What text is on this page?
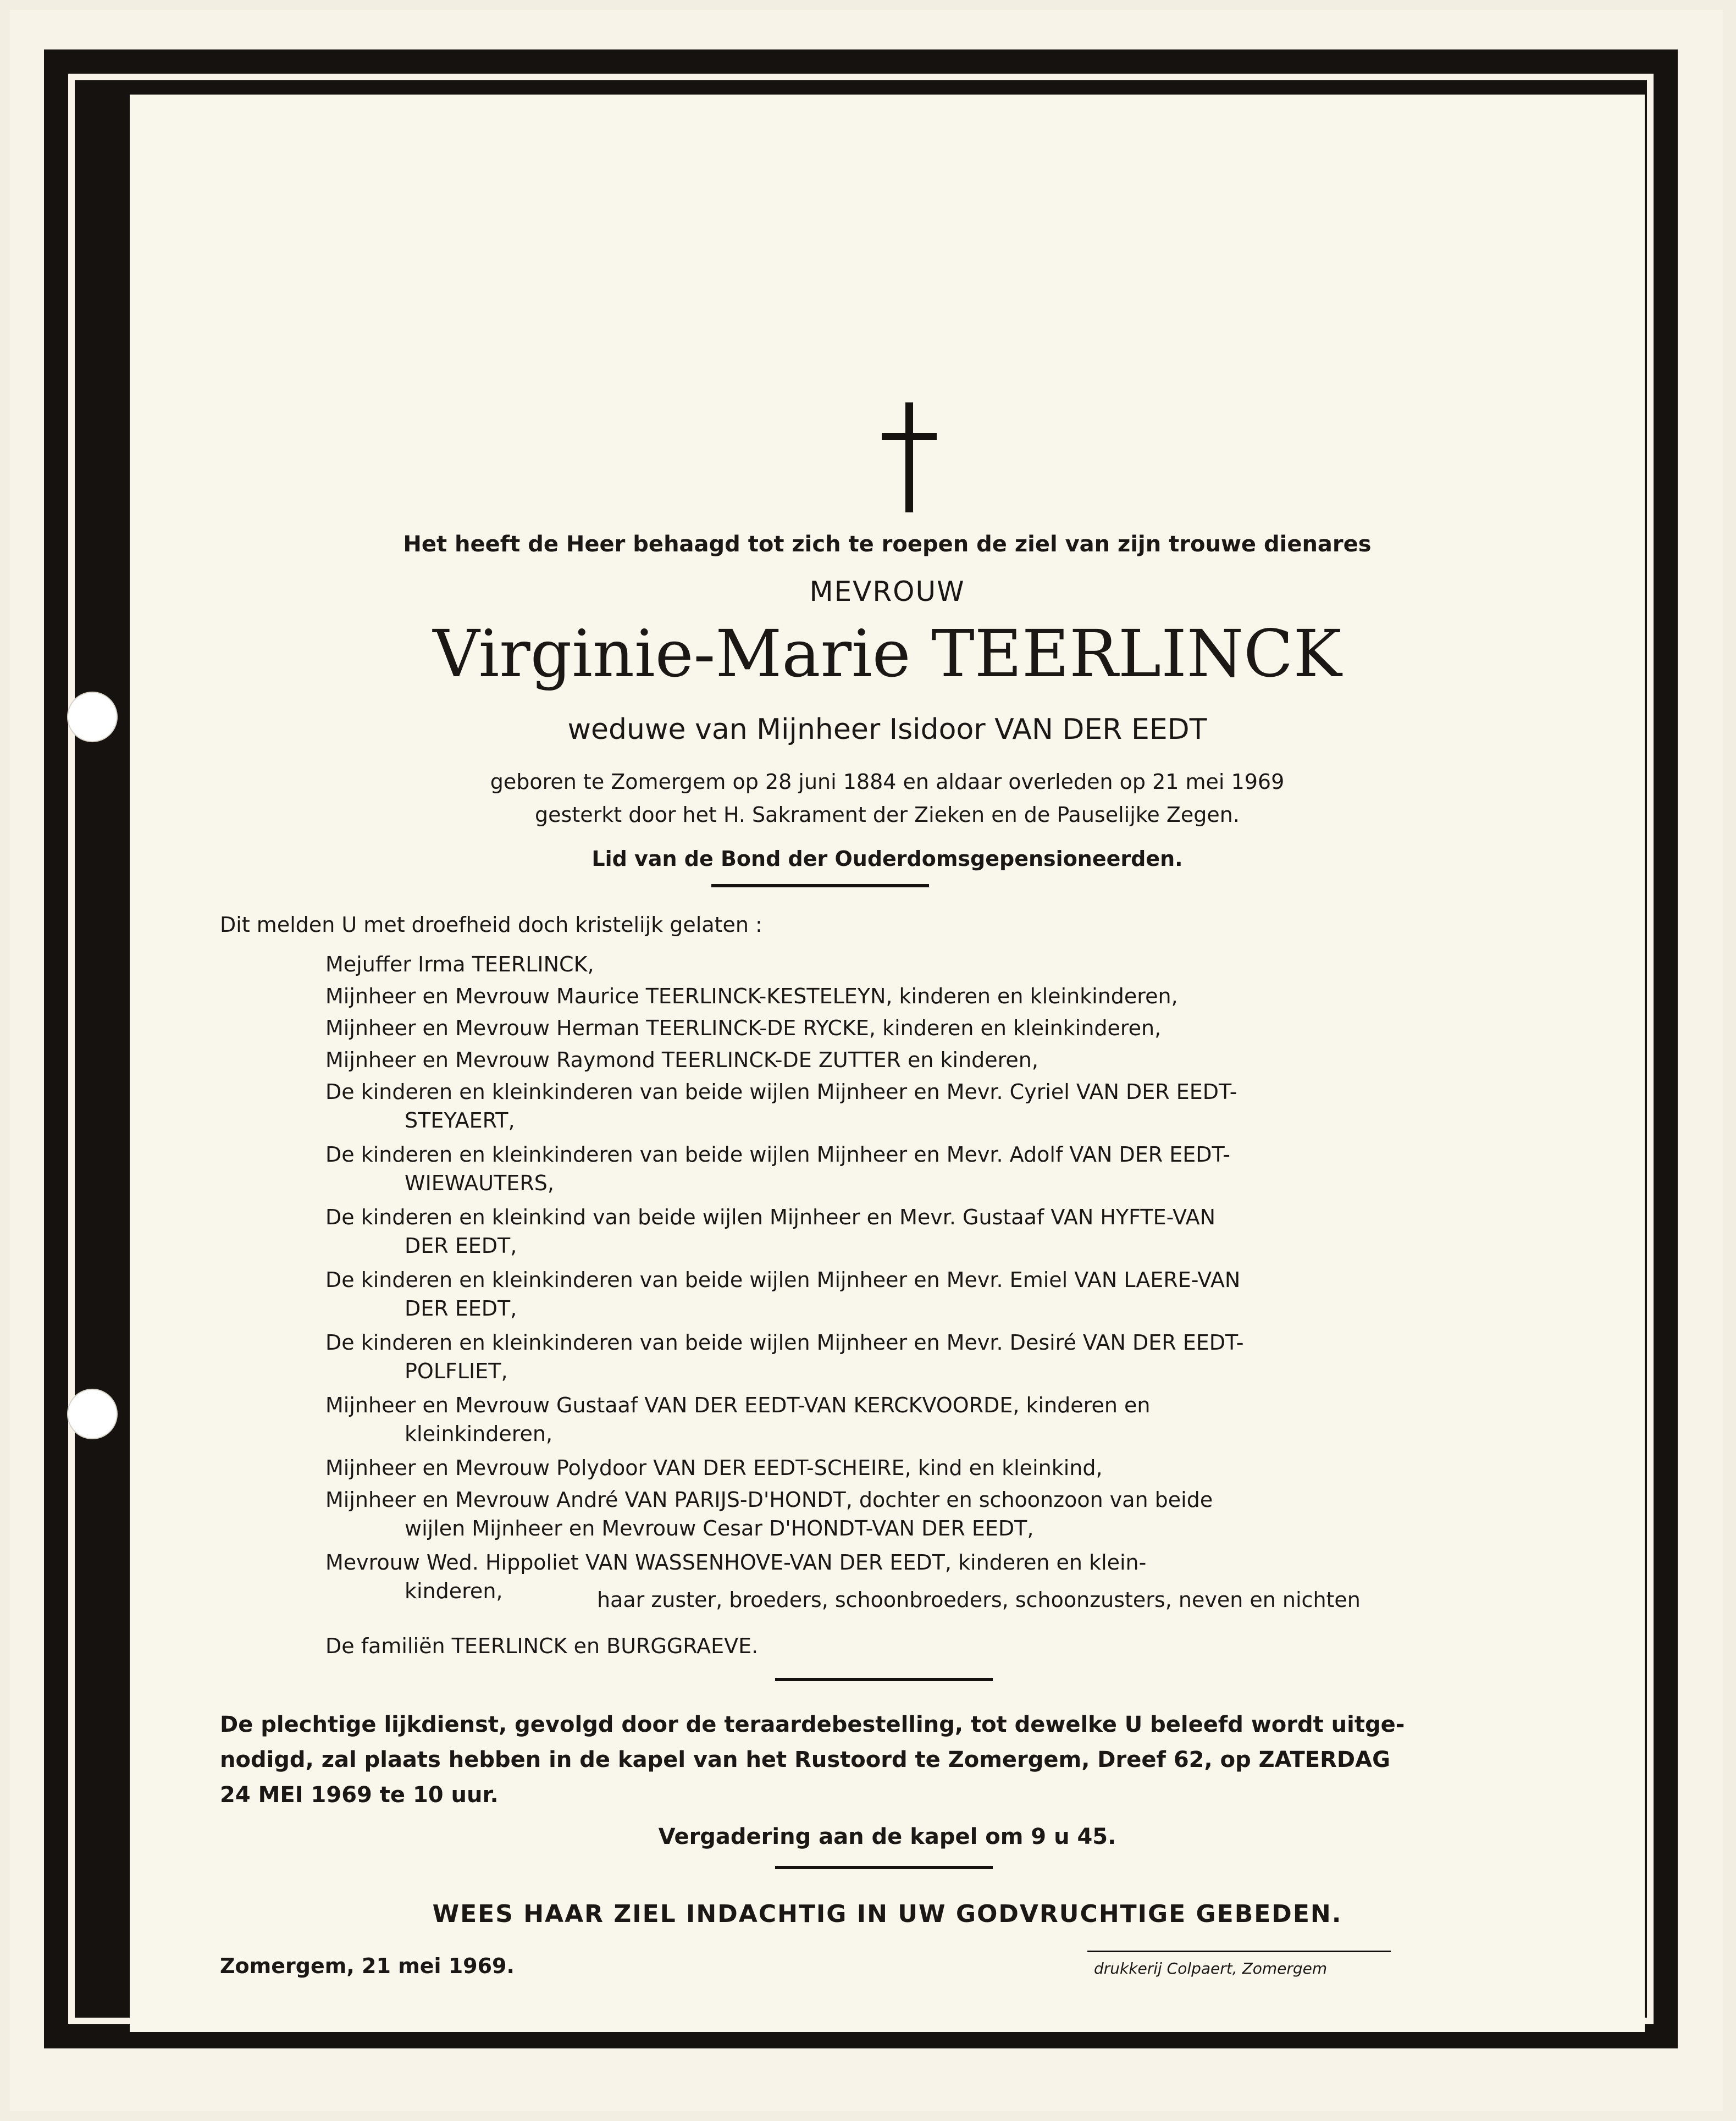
Het heeft de Heer behaagd tot zich te roepen de ziel van zijn trouwe dienares
MEVROUW
Virginie-Marie TEERLINCK
weduwe van Mijnheer Isidoor VAN DER EEDT
geboren te Zomergem op 28 juni 1884 en aldaar overleden op 21 mei 1969
gesterkt door het H. Sakrament der Zieken en de Pauselijke Zegen.
Lid van de Bond der Ouderdomsgepensioneerden.
Dit melden U met droefheid doch kristelijk gelaten :
Mejuffer Irma TEERLINCK,
Mijnheer en Mevrouw Maurice TEERLINCK-KESTELEYN, kinderen en kleinkinderen,
Mijnheer en Mevrouw Herman TEERLINCK-DE RYCKE, kinderen en kleinkinderen,
Mijnheer en Mevrouw Raymond TEERLINCK-DE ZUTTER en kinderen,
De kinderen en kleinkinderen van beide wijlen Mijnheer en Mevr. Cyriel VAN DER EEDT-
STEYAERT,
De kinderen en kleinkinderen van beide wijlen Mijnheer en Mevr. Adolf VAN DER EEDT-
WIEWAUTERS,
De kinderen en kleinkind van beide wijlen Mijnheer en Mevr. Gustaaf VAN HYFTE-VAN
DER EEDT,
De kinderen en kleinkinderen van beide wijlen Mijnheer en Mevr. Emiel VAN LAERE-VAN
DER EEDT,
De kinderen en kleinkinderen van beide wijlen Mijnheer en Mevr. Desiré VAN DER EEDT-
POLFLIET,
Mijnheer en Mevrouw Gustaaf VAN DER EEDT-VAN KERCKVOORDE, kinderen en
kleinkinderen,
Mijnheer en Mevrouw Polydoor VAN DER EEDT-SCHEIRE, kind en kleinkind,
Mijnheer en Mevrouw André VAN PARIJS-D'HONDT, dochter en schoonzoon van beide
wijlen Mijnheer en Mevrouw Cesar D'HONDT-VAN DER EEDT,
Mevrouw Wed. Hippoliet VAN WASSENHOVE-VAN DER EEDT, kinderen en klein-
kinderen,	haar zuster, broeders, schoonbroeders, schoonzusters, neven en nichten
De familiën TEERLINCK en BURGGRAEVE.
De plechtige lijkdienst, gevolgd door de teraardebestelling, tot dewelke U beleefd wordt uitge-
nodigd, zal plaats hebben in de kapel van het Rustoord te Zomergem, Dreef 62, op ZATERDAG
24 MEI 1969 te 10 uur.
Vergadering aan de kapel om 9 u 45.
WEES HAAR ZIEL INDACHTIG IN UW GODVRUCHTIGE GEBEDEN.
Zomergem, 21 mei 1969.	drukkerij Colpaert, Zomergem
